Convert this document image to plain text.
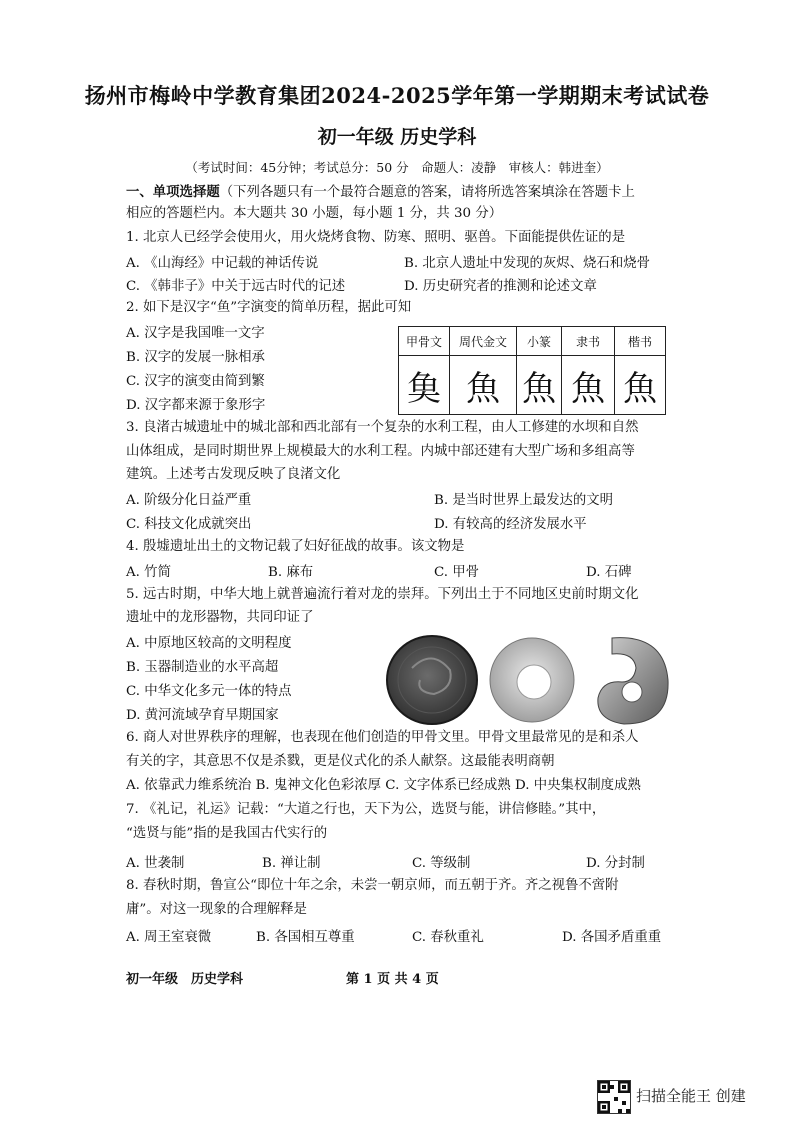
扬州市梅岭中学教育集团2024-2025学年第一学期期末考试试卷
初一年级 历史学科
（考试时间：45分钟；考试总分：50 分　命题人：凌静　审核人：韩进奎）
一、单项选择题（下列各题只有一个最符合题意的答案，请将所选答案填涂在答题卡上
相应的答题栏内。本大题共 30 小题，每小题 1 分，共 30 分）
1. 北京人已经学会使用火，用火烧烤食物、防寒、照明、驱兽。下面能提供佐证的是
A. 《山海经》中记载的神话传说	B. 北京人遗址中发现的灰烬、烧石和烧骨
C. 《韩非子》中关于远古时代的记述	D. 历史研究者的推测和论述文章
2. 如下是汉字“鱼”字演变的简单历程，据此可知
A. 汉字是我国唯一文字
B. 汉字的发展一脉相承
C. 汉字的演变由简到繁
D. 汉字都来源于象形字
甲骨文	周代金文	小篆	隶书	楷书
𩵋	魚	魚	魚	魚
3. 良渚古城遗址中的城北部和西北部有一个复杂的水利工程，由人工修建的水坝和自然
山体组成，是同时期世界上规模最大的水利工程。内城中部还建有大型广场和多组高等
建筑。上述考古发现反映了良渚文化
A. 阶级分化日益严重	B. 是当时世界上最发达的文明
C. 科技文化成就突出	D. 有较高的经济发展水平
4. 殷墟遗址出土的文物记载了妇好征战的故事。该文物是
A. 竹简	B. 麻布	C. 甲骨	D. 石碑
5. 远古时期，中华大地上就普遍流行着对龙的崇拜。下列出土于不同地区史前时期文化
遗址中的龙形器物，共同印证了
A. 中原地区较高的文明程度
B. 玉器制造业的水平高超
C. 中华文化多元一体的特点
D. 黄河流域孕育早期国家
6. 商人对世界秩序的理解，也表现在他们创造的甲骨文里。甲骨文里最常见的是和杀人
有关的字，其意思不仅是杀戮，更是仪式化的杀人献祭。这最能表明商朝
A. 依靠武力维系统治 B. 鬼神文化色彩浓厚 C. 文字体系已经成熟 D. 中央集权制度成熟
7. 《礼记，礼运》记载：“大道之行也，天下为公，选贤与能，讲信修睦。”其中，
“选贤与能”指的是我国古代实行的
A. 世袭制	B. 禅让制	C. 等级制	D. 分封制
8. 春秋时期，鲁宣公“即位十年之余，未尝一朝京师，而五朝于齐。齐之视鲁不啻附
庸”。对这一现象的合理解释是
A. 周王室衰微	B. 各国相互尊重	C. 春秋重礼	D. 各国矛盾重重
初一年级　历史学科	第 1 页 共 4 页
扫描全能王 创建
